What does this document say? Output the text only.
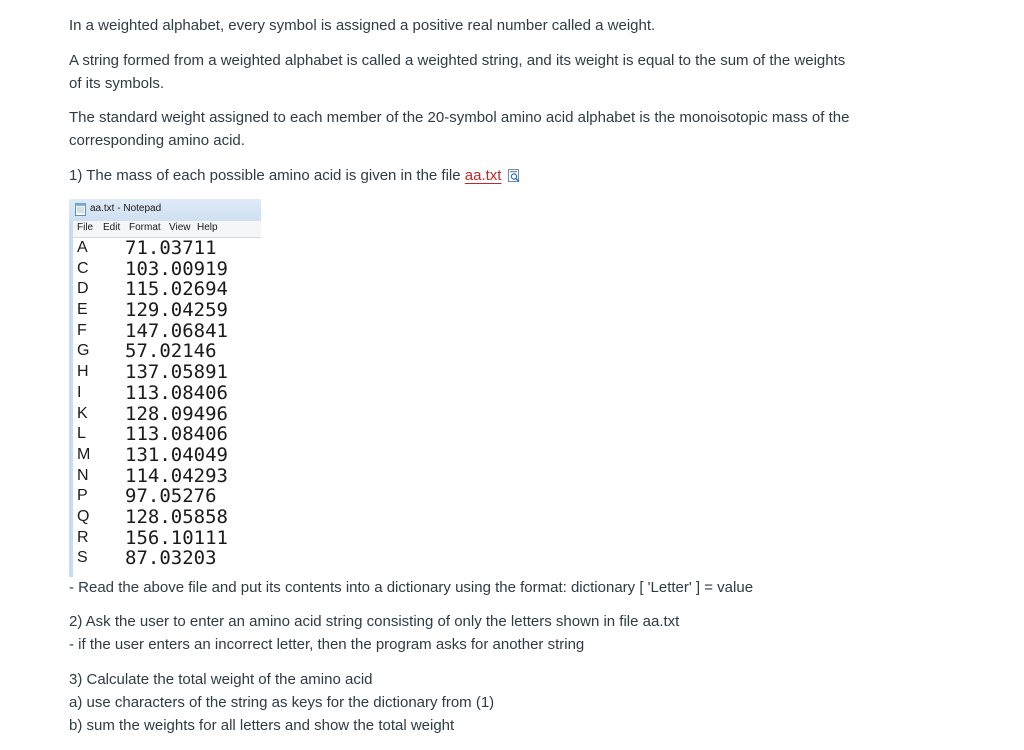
In a weighted alphabet, every symbol is assigned a positive real number called a weight.

A string formed from a weighted alphabet is called a weighted string, and its weight is equal to the sum of the weights
of its symbols.

The standard weight assigned to each member of the 20-symbol amino acid alphabet is the monoisotopic mass of the
corresponding amino acid.

1) The mass of each possible amino acid is given in the file aa.txt

aa.txt - Notepad
File Edit Format View Help
A 71.03711
C 103.00919
D 115.02694
E 129.04259
F 147.06841
G 57.02146
H 137.05891
I 113.08406
K 128.09496
L 113.08406
M 131.04049
N 114.04293
P 97.05276
Q 128.05858
R 156.10111
S 87.03203

- Read the above file and put its contents into a dictionary using the format: dictionary [ 'Letter' ] = value

2) Ask the user to enter an amino acid string consisting of only the letters shown in file aa.txt
- if the user enters an incorrect letter, then the program asks for another string

3) Calculate the total weight of the amino acid
a) use characters of the string as keys for the dictionary from (1)
b) sum the weights for all letters and show the total weight
